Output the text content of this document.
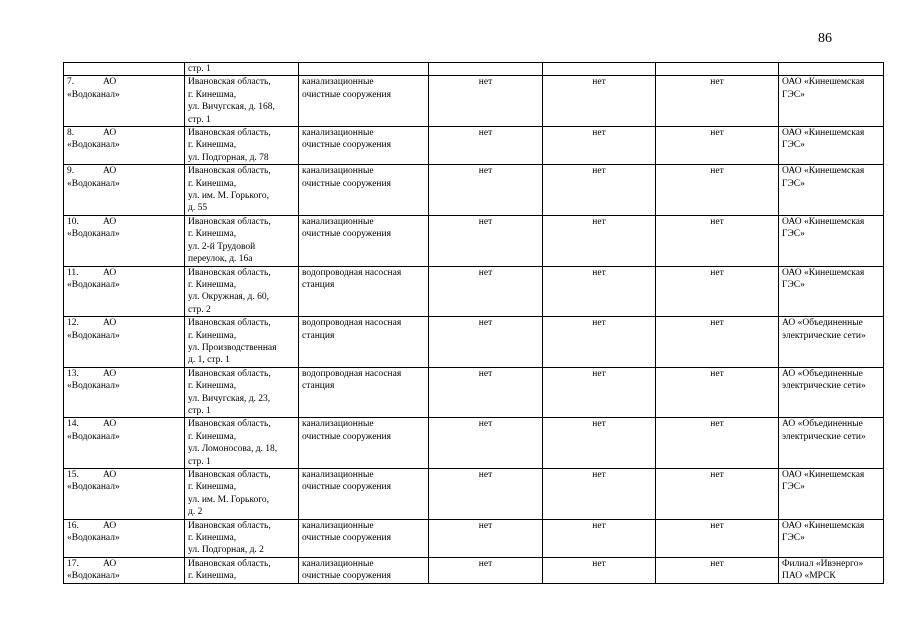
86

	стр. 1					

7. АО
«Водоканал»	Ивановская область,
г. Кинешма,
ул. Вичугская, д. 168,
стр. 1	канализационные
очистные сооружения	нет	нет	нет	ОАО «Кинешемская
ГЭС»

8. АО
«Водоканал»	Ивановская область,
г. Кинешма,
ул. Подгорная, д. 78	канализационные
очистные сооружения	нет	нет	нет	ОАО «Кинешемская
ГЭС»

9. АО
«Водоканал»	Ивановская область,
г. Кинешма,
ул. им. М. Горького,
д. 55	канализационные
очистные сооружения	нет	нет	нет	ОАО «Кинешемская
ГЭС»

10. АО
«Водоканал»	Ивановская область,
г. Кинешма,
ул. 2-й Трудовой
переулок, д. 16а	канализационные
очистные сооружения	нет	нет	нет	ОАО «Кинешемская
ГЭС»

11. АО
«Водоканал»	Ивановская область,
г. Кинешма,
ул. Окружная, д. 60,
стр. 2	водопроводная насосная
станция	нет	нет	нет	ОАО «Кинешемская
ГЭС»

12. АО
«Водоканал»	Ивановская область,
г. Кинешма,
ул. Производственная
д. 1, стр. 1	водопроводная насосная
станция	нет	нет	нет	АО «Объединенные
электрические сети»

13. АО
«Водоканал»	Ивановская область,
г. Кинешма,
ул. Вичугская, д. 23,
стр. 1	водопроводная насосная
станция	нет	нет	нет	АО «Объединенные
электрические сети»

14. АО
«Водоканал»	Ивановская область,
г. Кинешма,
ул. Ломоносова, д. 18,
стр. 1	канализационные
очистные сооружения	нет	нет	нет	АО «Объединенные
электрические сети»

15. АО
«Водоканал»	Ивановская область,
г. Кинешма,
ул. им. М. Горького,
д. 2	канализационные
очистные сооружения	нет	нет	нет	ОАО «Кинешемская
ГЭС»

16. АО
«Водоканал»	Ивановская область,
г. Кинешма,
ул. Подгорная, д. 2	канализационные
очистные сооружения	нет	нет	нет	ОАО «Кинешемская
ГЭС»

17. АО
«Водоканал»	Ивановская область,
г. Кинешма,	канализационные
очистные сооружения	нет	нет	нет	Филиал «Ивэнерго»
ПАО «МРСК
